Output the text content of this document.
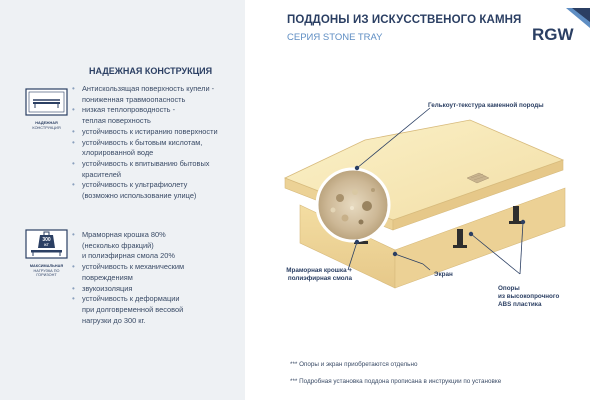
ПОДДОНЫ ИЗ ИСКУССТВЕНОГО КАМНЯ
СЕРИЯ STONE TRAY	RGW
НАДЕЖНАЯ КОНСТРУКЦИЯ
НАДЕЖНАЯ
КОНСТРУКЦИЯ
300
КГ
МАКСИМАЛЬНАЯ
НАГРУЗКА ПО ГОРИЗОНТ
• Антискользящая поверхность купели -
пониженная травмоопасность
• низкая теплопроводность -
теплая поверхность
• устойчивость к истиранию поверхности
• устойчивость к бытовым кислотам,
хлорированной воде
• устойчивость к впитыванию бытовых
красителей
• устойчивость к ультрафиолету
(возможно использование улице)
• Мраморная крошка 80%
(несколько фракций)
и полиэфирная смола 20%
• устойчивость к механическим
повреждениям
• звукоизоляция
• устойчивость к деформации
при долговременной весовой
нагрузки до 300 кг.
Гелькоут-текстура каменной породы
Мраморная крошка +
полиэфирная смола
Экран
Опоры
из высокопрочного
ABS пластика
*** Опоры и экран приобретаются отдельно
*** Подробная установка поддона прописана в инструкции по установке
